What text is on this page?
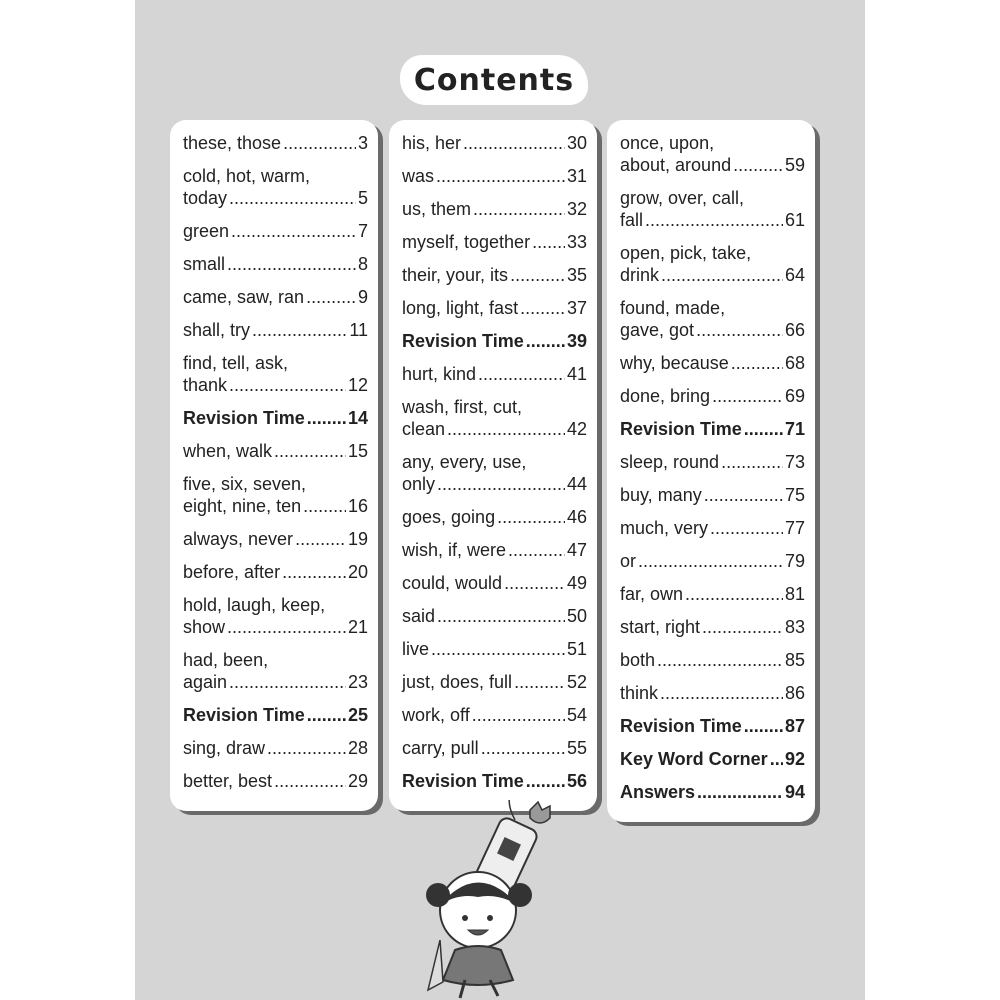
Contents
these, those .....	3
cold, hot, warm,
today .....	5
green .....	7
small .....	8
came, saw, ran .....	9
shall, try .....	11
find, tell, ask,
thank .....	12
Revision Time ..... 14
when, walk .....	15
five, six, seven,
eight, nine, ten .....	16
always, never .....	19
before, after .....	20
hold, laugh, keep,
show .....	21
had, been,
again .....	23
Revision Time ..... 25
sing, draw .....	28
better, best .....	29
his, her .....	30
was .....	31
us, them .....	32
myself, together ..... 33
their, your, its .....	35
long, light, fast .....	37
Revision Time ..... 39
hurt, kind .....	41
wash, first, cut,
clean .....	42
any, every, use,
only .....	44
goes, going .....	46
wish, if, were .....	47
could, would .....	49
said .....	50
live .....	51
just, does, full .....	52
work, off .....	54
carry, pull .....	55
Revision Time ..... 56
once, upon,
about, around .....	59
grow, over, call,
fall .....	61
open, pick, take,
drink .....	64
found, made,
gave, got .....	66
why, because .....	68
done, bring .....	69
Revision Time ..... 71
sleep, round .....	73
buy, many .....	75
much, very .....	77
or .....	79
far, own .....	81
start, right .....	83
both .....	85
think .....	86
Revision Time ..... 87
Key Word Corner ..... 92
Answers .....	94
